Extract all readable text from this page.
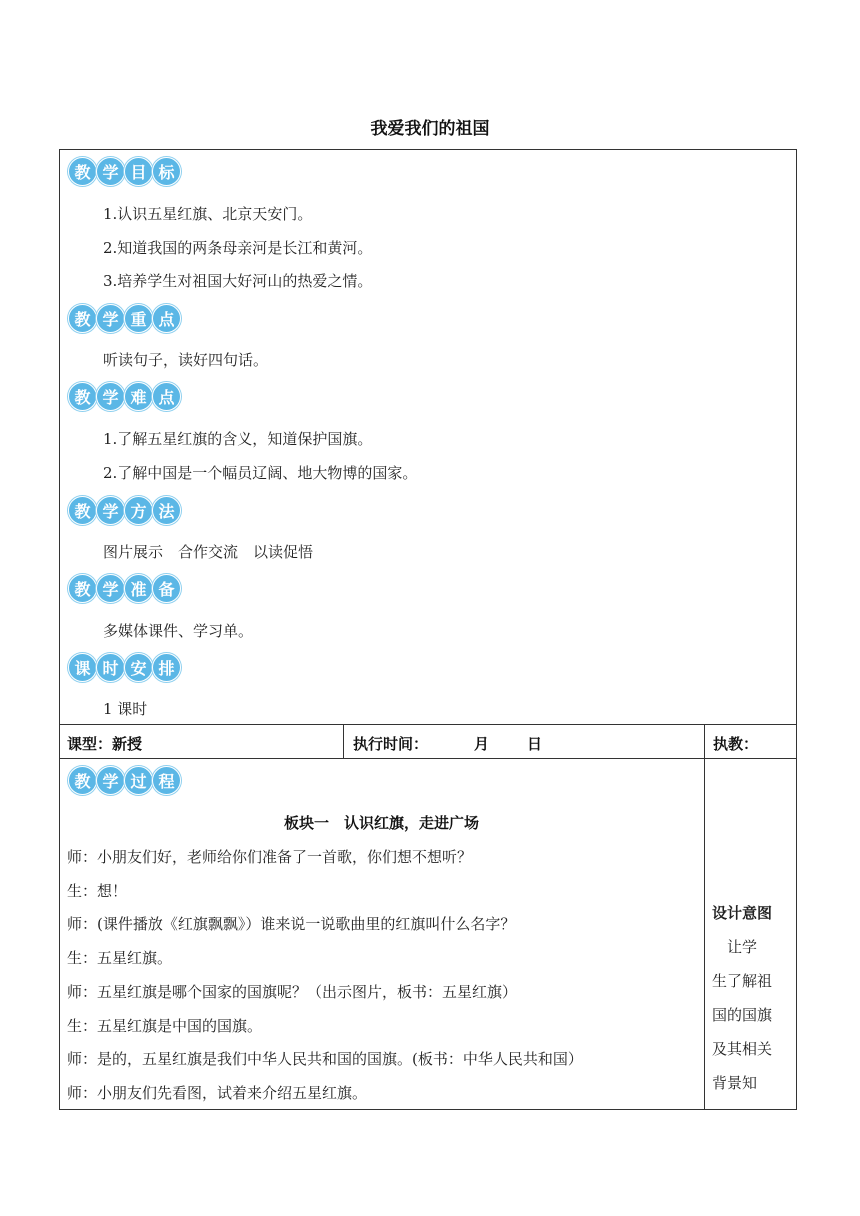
我爱我们的祖国
教 学 目 标
1.认识五星红旗、北京天安门。
2.知道我国的两条母亲河是长江和黄河。
3.培养学生对祖国大好河山的热爱之情。
教 学 重 点
听读句子，读好四句话。
教 学 难 点
1.了解五星红旗的含义，知道保护国旗。
2.了解中国是一个幅员辽阔、地大物博的国家。
教 学 方 法
图片展示　合作交流　以读促悟
教 学 准 备
多媒体课件、学习单。
课 时 安 排
1 课时
课型：新授	执行时间：	月	日	执教：
教 学 过 程
板块一　认识红旗，走进广场
师：小朋友们好，老师给你们准备了一首歌，你们想不想听？
生：想！
师：(课件播放《红旗飘飘》）谁来说一说歌曲里的红旗叫什么名字？
生：五星红旗。
师：五星红旗是哪个国家的国旗呢？（出示图片，板书：五星红旗）
生：五星红旗是中国的国旗。
师：是的，五星红旗是我们中华人民共和国的国旗。(板书：中华人民共和国）
师：小朋友们先看图，试着来介绍五星红旗。
设计意图
　让学
生了解祖
国的国旗
及其相关
背景知
